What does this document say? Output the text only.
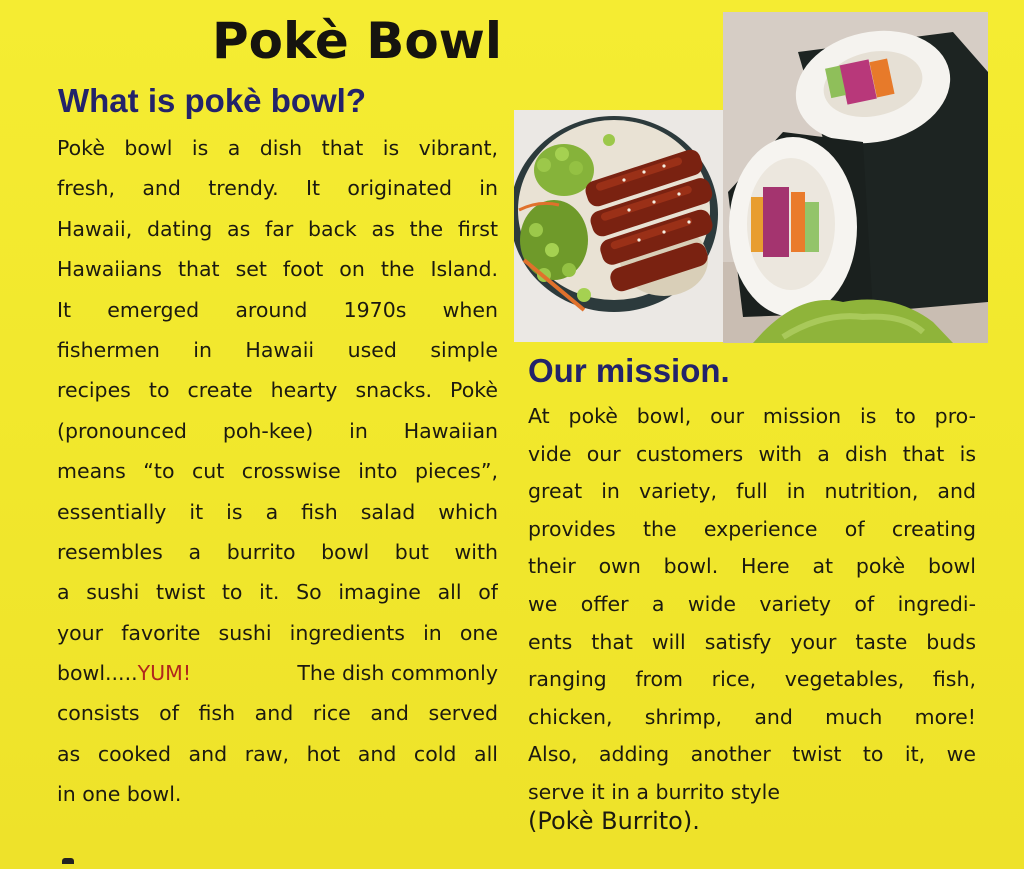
Pokè Bowl
What is pokè bowl?
Pokè bowl is a dish that is vibrant,
fresh, and trendy. It originated in
Hawaii, dating as far back as the first
Hawaiians that set foot on the Island.
It emerged around 1970s when
fishermen in Hawaii used simple
recipes to create hearty snacks. Pokè
(pronounced poh-kee) in Hawaiian
means “to cut crosswise into pieces”,
essentially it is a fish salad which
resembles a burrito bowl but with
a sushi twist to it. So imagine all of
your favorite sushi ingredients in one
bowl.....YUM!	The dish commonly
consists of fish and rice and served
as cooked and raw, hot and cold all
in one bowl.
Our mission.
At pokè bowl, our mission is to pro-
vide our customers with a dish that is
great in variety, full in nutrition, and
provides the experience of creating
their own bowl. Here at pokè bowl
we offer a wide variety of ingredi-
ents that will satisfy your taste buds
ranging from rice, vegetables, fish,
chicken, shrimp, and much more!
Also, adding another twist to it, we
serve it in a burrito style
(Pokè Burrito).
